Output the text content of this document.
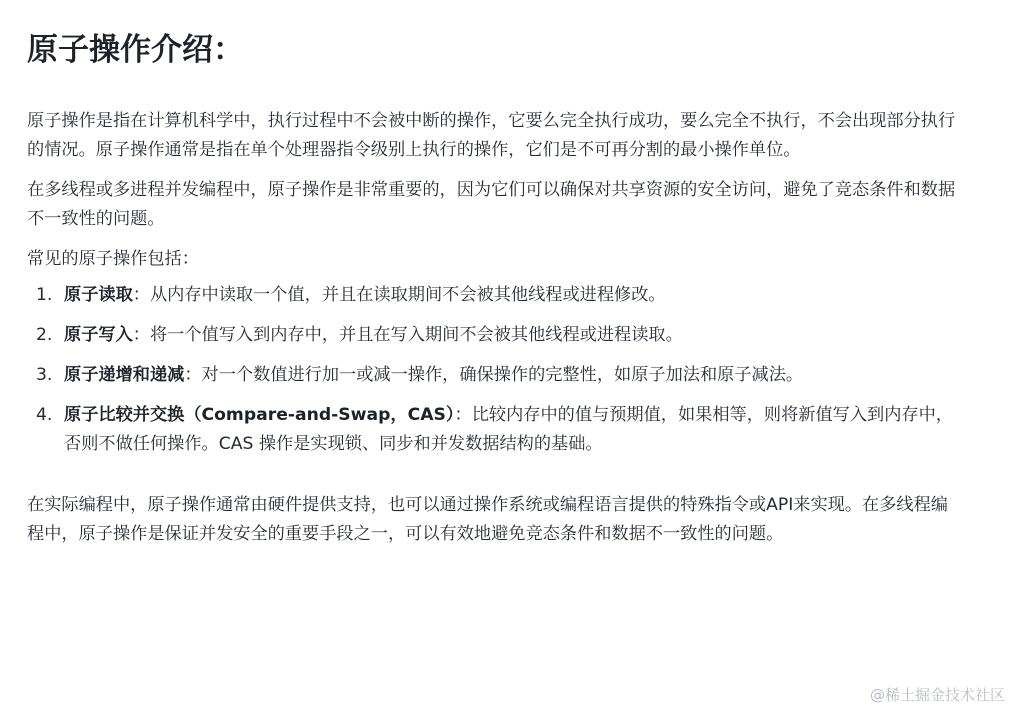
原子操作介绍：

原子操作是指在计算机科学中，执行过程中不会被中断的操作，它要么完全执行成功，要么完全不执行，不会出现部分执行的情况。原子操作通常是指在单个处理器指令级别上执行的操作，它们是不可再分割的最小操作单位。

在多线程或多进程并发编程中，原子操作是非常重要的，因为它们可以确保对共享资源的安全访问，避免了竞态条件和数据不一致性的问题。

常见的原子操作包括：

1. 原子读取：从内存中读取一个值，并且在读取期间不会被其他线程或进程修改。
2. 原子写入：将一个值写入到内存中，并且在写入期间不会被其他线程或进程读取。
3. 原子递增和递减：对一个数值进行加一或减一操作，确保操作的完整性，如原子加法和原子减法。
4. 原子比较并交换（Compare-and-Swap，CAS）：比较内存中的值与预期值，如果相等，则将新值写入到内存中，否则不做任何操作。CAS 操作是实现锁、同步和并发数据结构的基础。

在实际编程中，原子操作通常由硬件提供支持，也可以通过操作系统或编程语言提供的特殊指令或API来实现。在多线程编程中，原子操作是保证并发安全的重要手段之一，可以有效地避免竞态条件和数据不一致性的问题。

@稀土掘金技术社区
